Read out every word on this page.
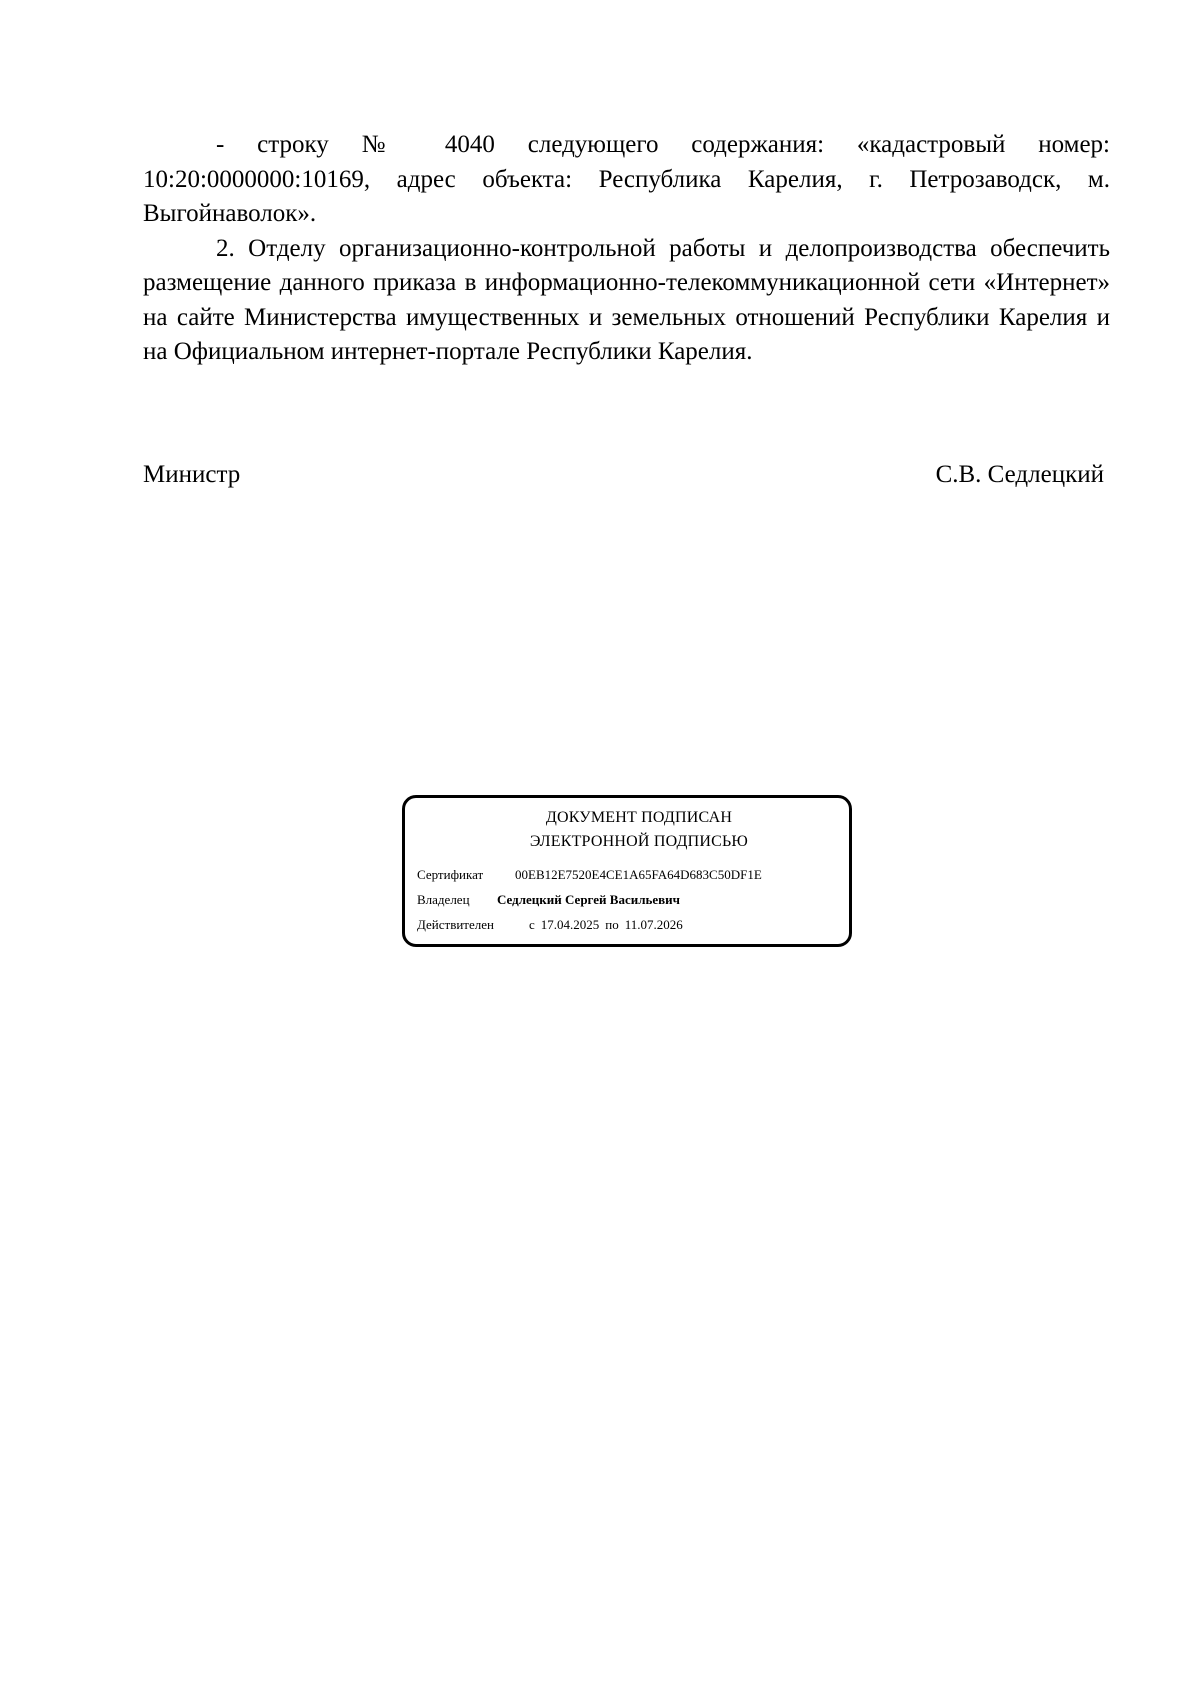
- строку № 4040 следующего содержания: «кадастровый номер: 10:20:0000000:10169, адрес объекта: Республика Карелия, г. Петрозаводск, м. Выгойнаволок».

2. Отделу организационно-контрольной работы и делопроизводства обеспечить размещение данного приказа в информационно-телекоммуникационной сети «Интернет» на сайте Министерства имущественных и земельных отношений Республики Карелия и на Официальном интернет-портале Республики Карелия.

Министр	С.В. Седлецкий
ДОКУМЕНТ ПОДПИСАН
ЭЛЕКТРОННОЙ ПОДПИСЬЮ
Сертификат 00EB12E7520E4CE1A65FA64D683C50DF1E
Владелец Седлецкий Сергей Васильевич
Действителен	с 17.04.2025 по 11.07.2026
